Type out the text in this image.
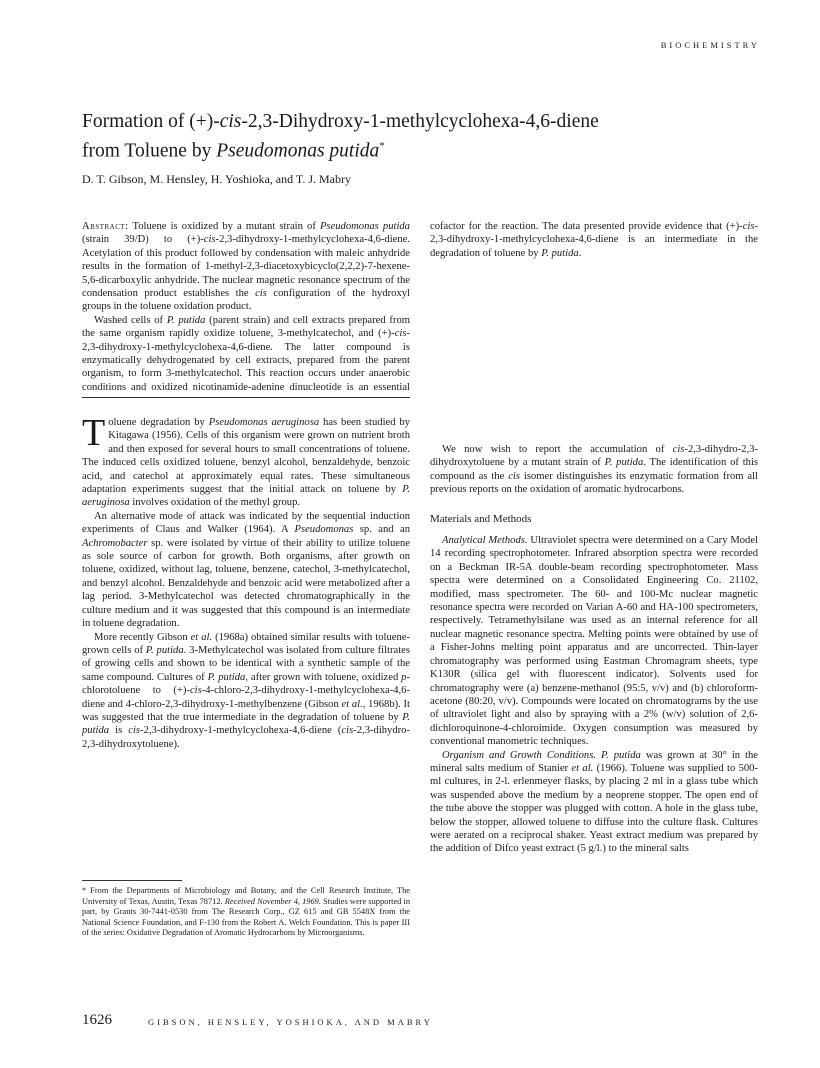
BIOCHEMISTRY
Formation of (+)-cis-2,3-Dihydroxy-1-methylcyclohexa-4,6-diene
from Toluene by Pseudomonas putida*
D. T. Gibson, M. Hensley, H. Yoshioka, and T. J. Mabry

Abstract: Toluene is oxidized by a mutant strain of Pseudomonas putida (strain 39/D) to (+)-cis-2,3-dihydroxy-1-methylcyclohexa-4,6-diene. Acetylation of this product followed by condensation with maleic anhydride results in the formation of 1-methyl-2,3-diacetoxybicyclo(2,2,2)-7-hexene-5,6-dicarboxylic anhydride. The nuclear magnetic resonance spectrum of the condensation product establishes the cis configuration of the hydroxyl groups in the toluene oxidation product.

Washed cells of P. putida (parent strain) and cell extracts prepared from the same organism rapidly oxidize toluene, 3-methylcatechol, and (+)-cis-2,3-dihydroxy-1-methylcyclohexa-4,6-diene. The latter compound is enzymatically dehydrogenated by cell extracts, prepared from the parent organism, to form 3-methylcatechol. This reaction occurs under anaerobic conditions and oxidized nicotinamide-adenine dinucleotide is an essential cofactor for the reaction. The data presented provide evidence that (+)-cis-2,3-dihydroxy-1-methylcyclohexa-4,6-diene is an intermediate in the degradation of toluene by P. putida.

Toluene degradation by Pseudomonas aeruginosa has been studied by Kitagawa (1956). Cells of this organism were grown on nutrient broth and then exposed for several hours to small concentrations of toluene. The induced cells oxidized toluene, benzyl alcohol, benzaldehyde, benzoic acid, and catechol at approximately equal rates. These simultaneous adaptation experiments suggest that the initial attack on toluene by P. aeruginosa involves oxidation of the methyl group.

An alternative mode of attack was indicated by the sequential induction experiments of Claus and Walker (1964). A Pseudomonas sp. and an Achromobacter sp. were isolated by virtue of their ability to utilize toluene as sole source of carbon for growth. Both organisms, after growth on toluene, oxidized, without lag, toluene, benzene, catechol, 3-methylcatechol, and benzyl alcohol. Benzaldehyde and benzoic acid were metabolized after a lag period. 3-Methylcatechol was detected chromatographically in the culture medium and it was suggested that this compound is an intermediate in toluene degradation.

More recently Gibson et al. (1968a) obtained similar results with toluene-grown cells of P. putida. 3-Methylcatechol was isolated from culture filtrates of growing cells and shown to be identical with a synthetic sample of the same compound. Cultures of P. putida, after grown with toluene, oxidized p-chlorotoluene to (+)-cis-4-chloro-2,3-dihydroxy-1-methylcyclohexa-4,6-diene and 4-chloro-2,3-dihydroxy-1-methylbenzene (Gibson et al., 1968b). It was suggested that the true intermediate in the degradation of toluene by P. putida is cis-2,3-dihydroxy-1-methylcyclohexa-4,6-diene (cis-2,3-dihydro-2,3-dihydroxytoluene).

* From the Departments of Microbiology and Botany, and the Cell Research Institute, The University of Texas, Austin, Texas 78712. Received November 4, 1969. Studies were supported in part, by Grants 30-7441-0530 from The Research Corp., GZ 615 and GB 5548X from the National Science Foundation, and F-130 from the Robert A. Welch Foundation. This is paper III of the series: Oxidative Degradation of Aromatic Hydrocarbons by Microorganisms.

We now wish to report the accumulation of cis-2,3-dihydro-2,3-dihydroxytoluene by a mutant strain of P. putida. The identification of this compound as the cis isomer distinguishes its enzymatic formation from all previous reports on the oxidation of aromatic hydrocarbons.

Materials and Methods

Analytical Methods. Ultraviolet spectra were determined on a Cary Model 14 recording spectrophotometer. Infrared absorption spectra were recorded on a Beckman IR-5A double-beam recording spectrophotometer. Mass spectra were determined on a Consolidated Engineering Co. 21102, modified, mass spectrometer. The 60- and 100-Mc nuclear magnetic resonance spectra were recorded on Varian A-60 and HA-100 spectrometers, respectively. Tetramethylsilane was used as an internal reference for all nuclear magnetic resonance spectra. Melting points were obtained by use of a Fisher-Johns melting point apparatus and are uncorrected. Thin-layer chromatography was performed using Eastman Chromagram sheets, type K130R (silica gel with fluorescent indicator). Solvents used for chromatography were (a) benzene-methanol (95:5, v/v) and (b) chloroform-acetone (80:20, v/v). Compounds were located on chromatograms by the use of ultraviolet light and also by spraying with a 2% (w/v) solution of 2,6-dichloroquinone-4-chloroimide. Oxygen consumption was measured by conventional manometric techniques.

Organism and Growth Conditions. P. putida was grown at 30° in the mineral salts medium of Stanier et al. (1966). Toluene was supplied to 500-ml cultures, in 2-l. erlenmeyer flasks, by placing 2 ml in a glass tube which was suspended above the medium by a neoprene stopper. The open end of the tube above the stopper was plugged with cotton. A hole in the glass tube, below the stopper, allowed toluene to diffuse into the culture flask. Cultures were aerated on a reciprocal shaker. Yeast extract medium was prepared by the addition of Difco yeast extract (5 g/l.) to the mineral salts

1626	GIBSON, HENSLEY, YOSHIOKA, AND MABRY
